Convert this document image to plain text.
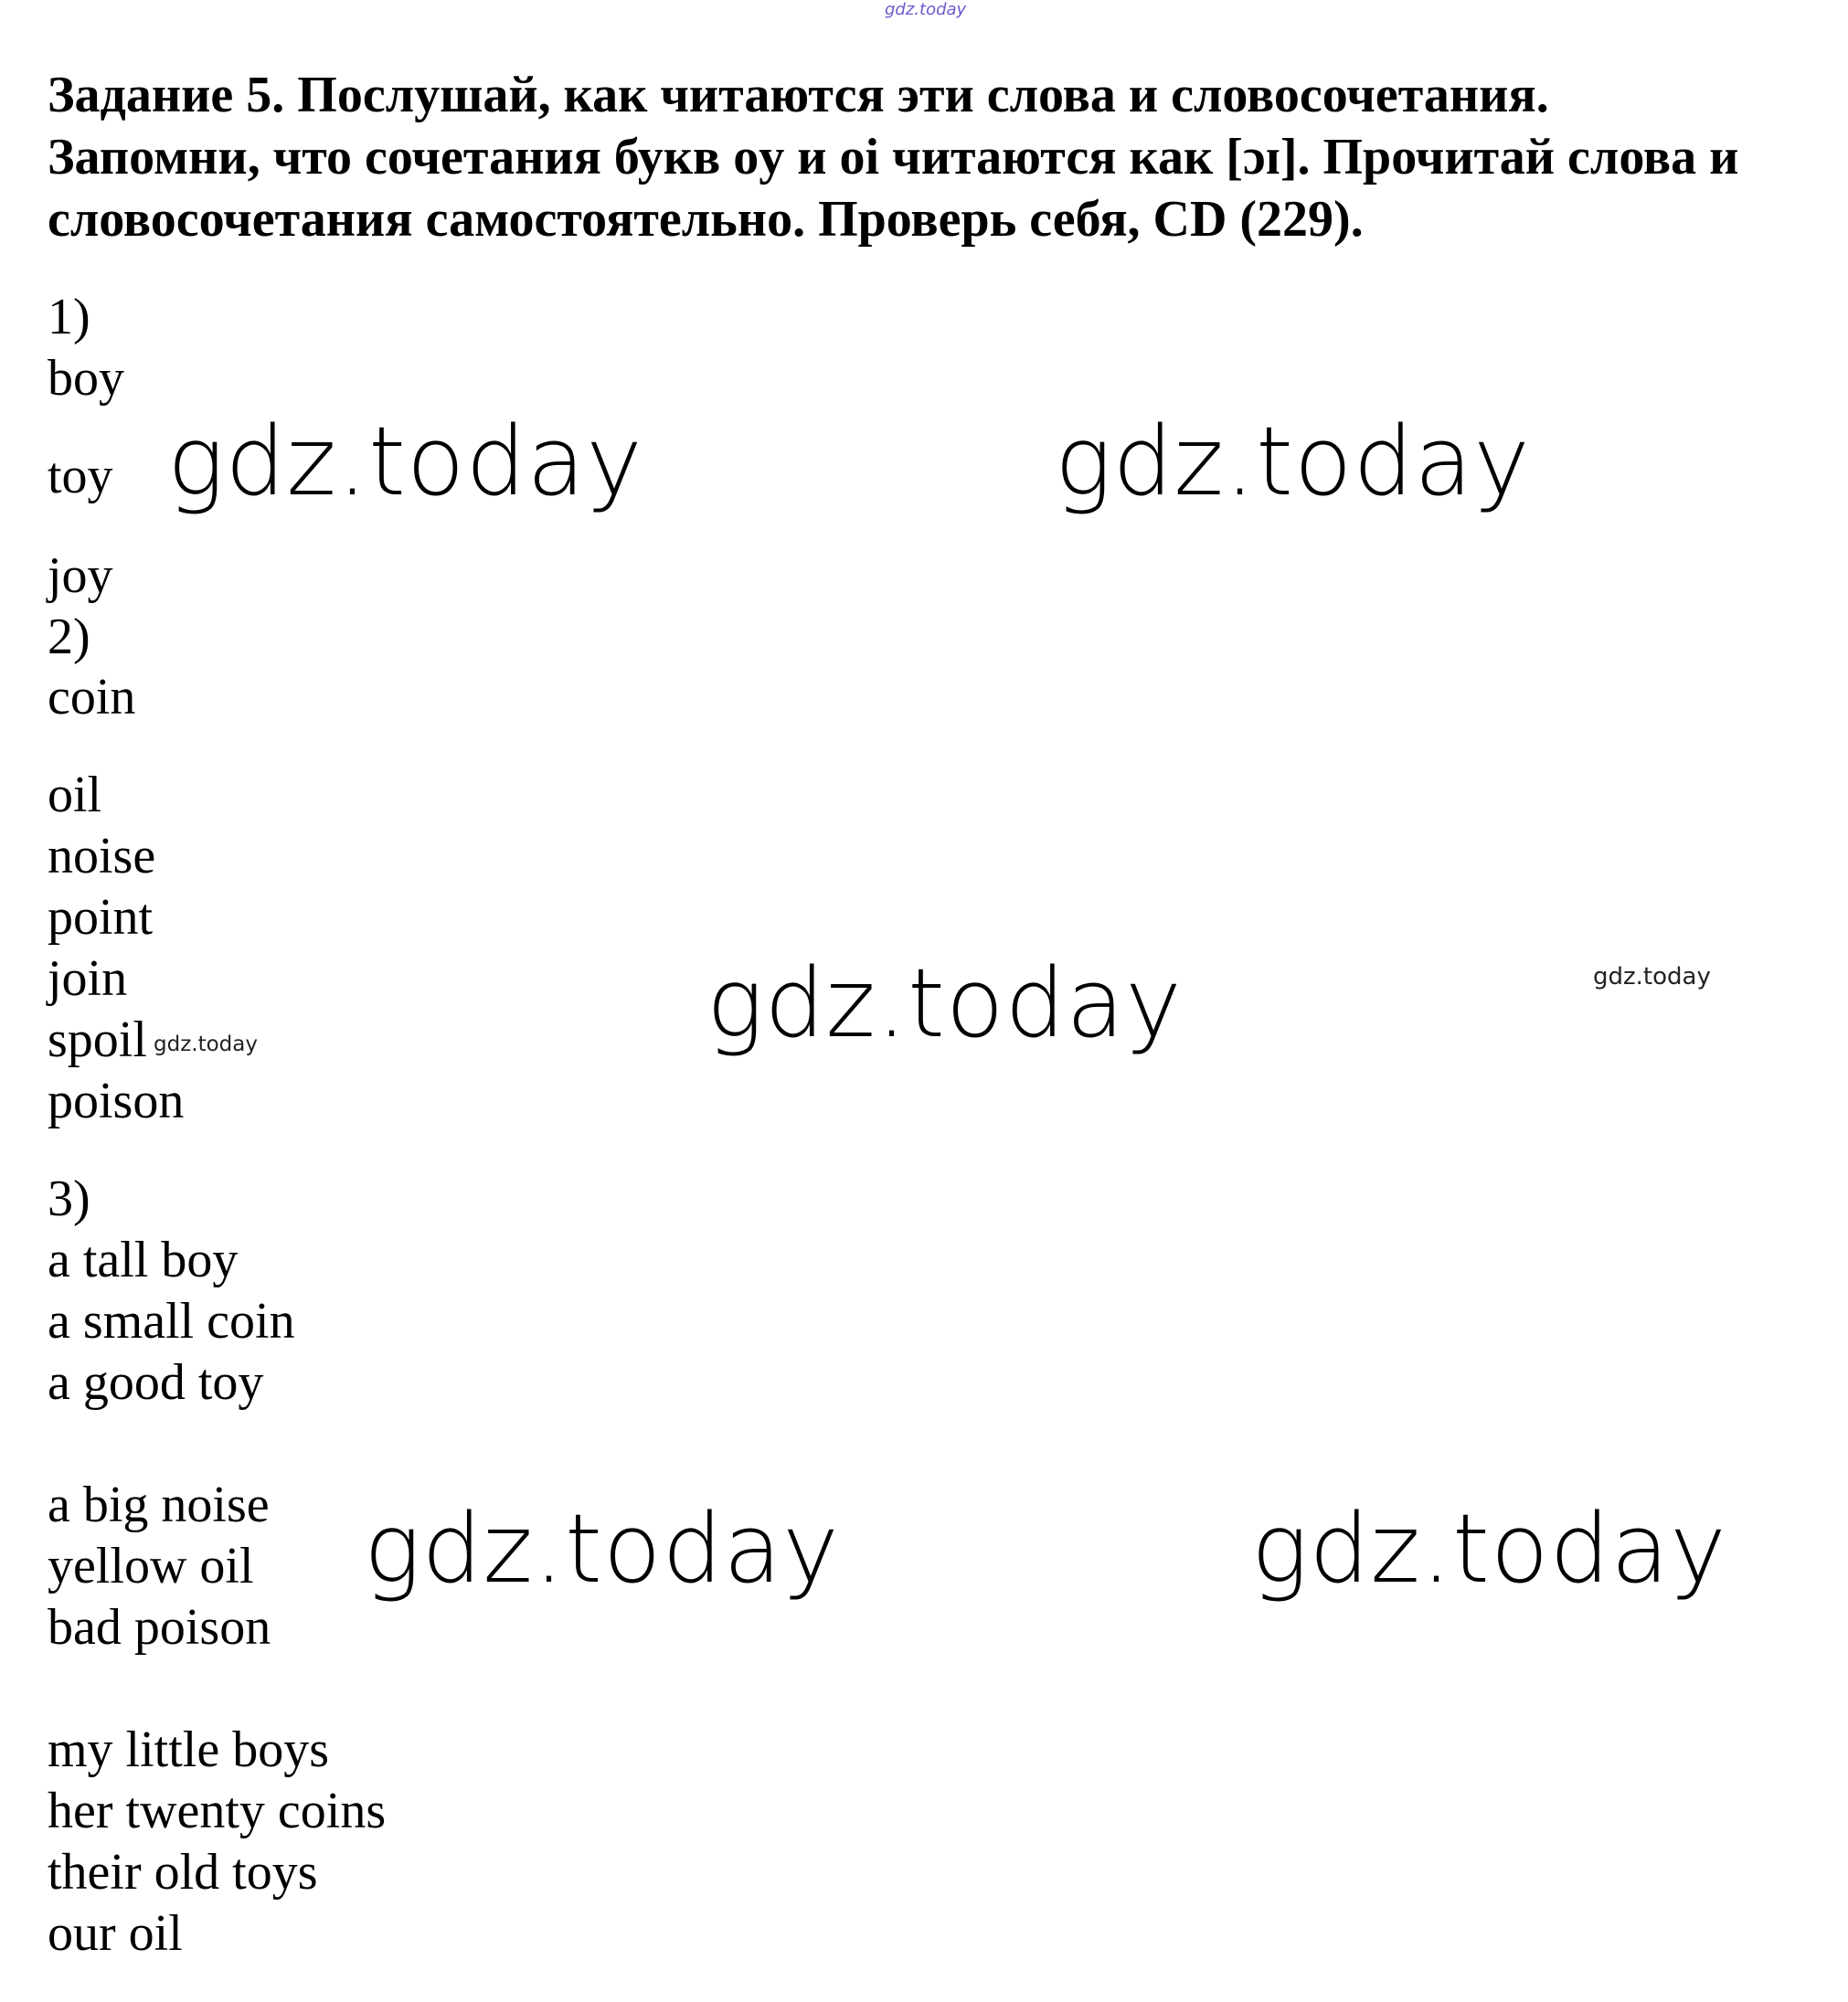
gdz.today
Задание 5. Послушай, как читаются эти слова и словосочетания.
Запомни, что сочетания букв oy и oi читаются как [ɔɪ]. Прочитай слова и
словосочетания самостоятельно. Проверь себя, CD (229).
1)
boy
toy
joy
2)
coin
oil
noise
point
join
spoil
poison
3)
a tall boy
a small coin
a good toy
a big noise
yellow oil
bad poison
my little boys
her twenty coins
their old toys
our oil
gdz.today	gdz.today
gdz.today
gdz.today	gdz.today
gdz.today
gdz.today
